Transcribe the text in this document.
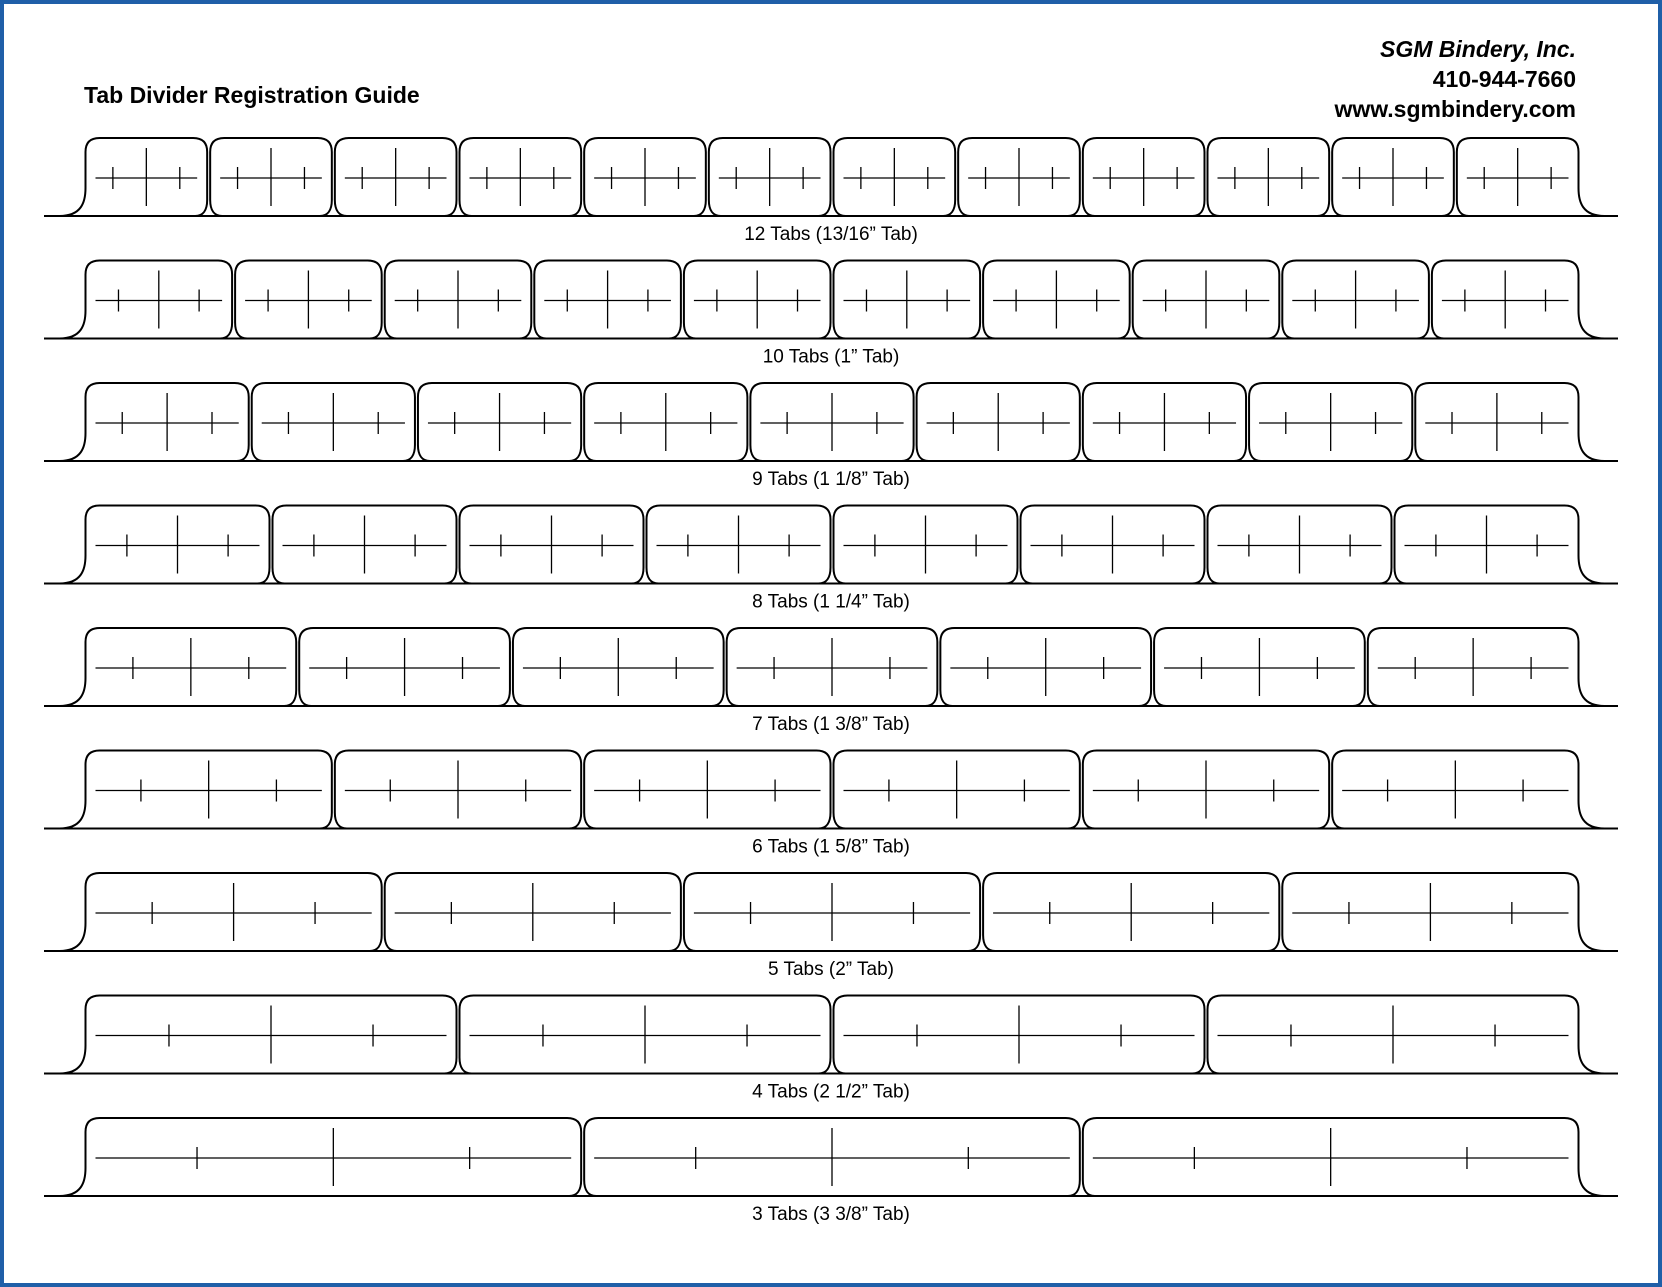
Tab Divider Registration Guide
SGM Bindery, Inc.
410-944-7660
www.sgmbindery.com
12 Tabs (13/16” Tab)
10 Tabs (1” Tab)
9 Tabs (1 1/8” Tab)
8 Tabs (1 1/4” Tab)
7 Tabs (1 3/8” Tab)
6 Tabs (1 5/8” Tab)
5 Tabs (2” Tab)
4 Tabs (2 1/2” Tab)
3 Tabs (3 3/8” Tab)
